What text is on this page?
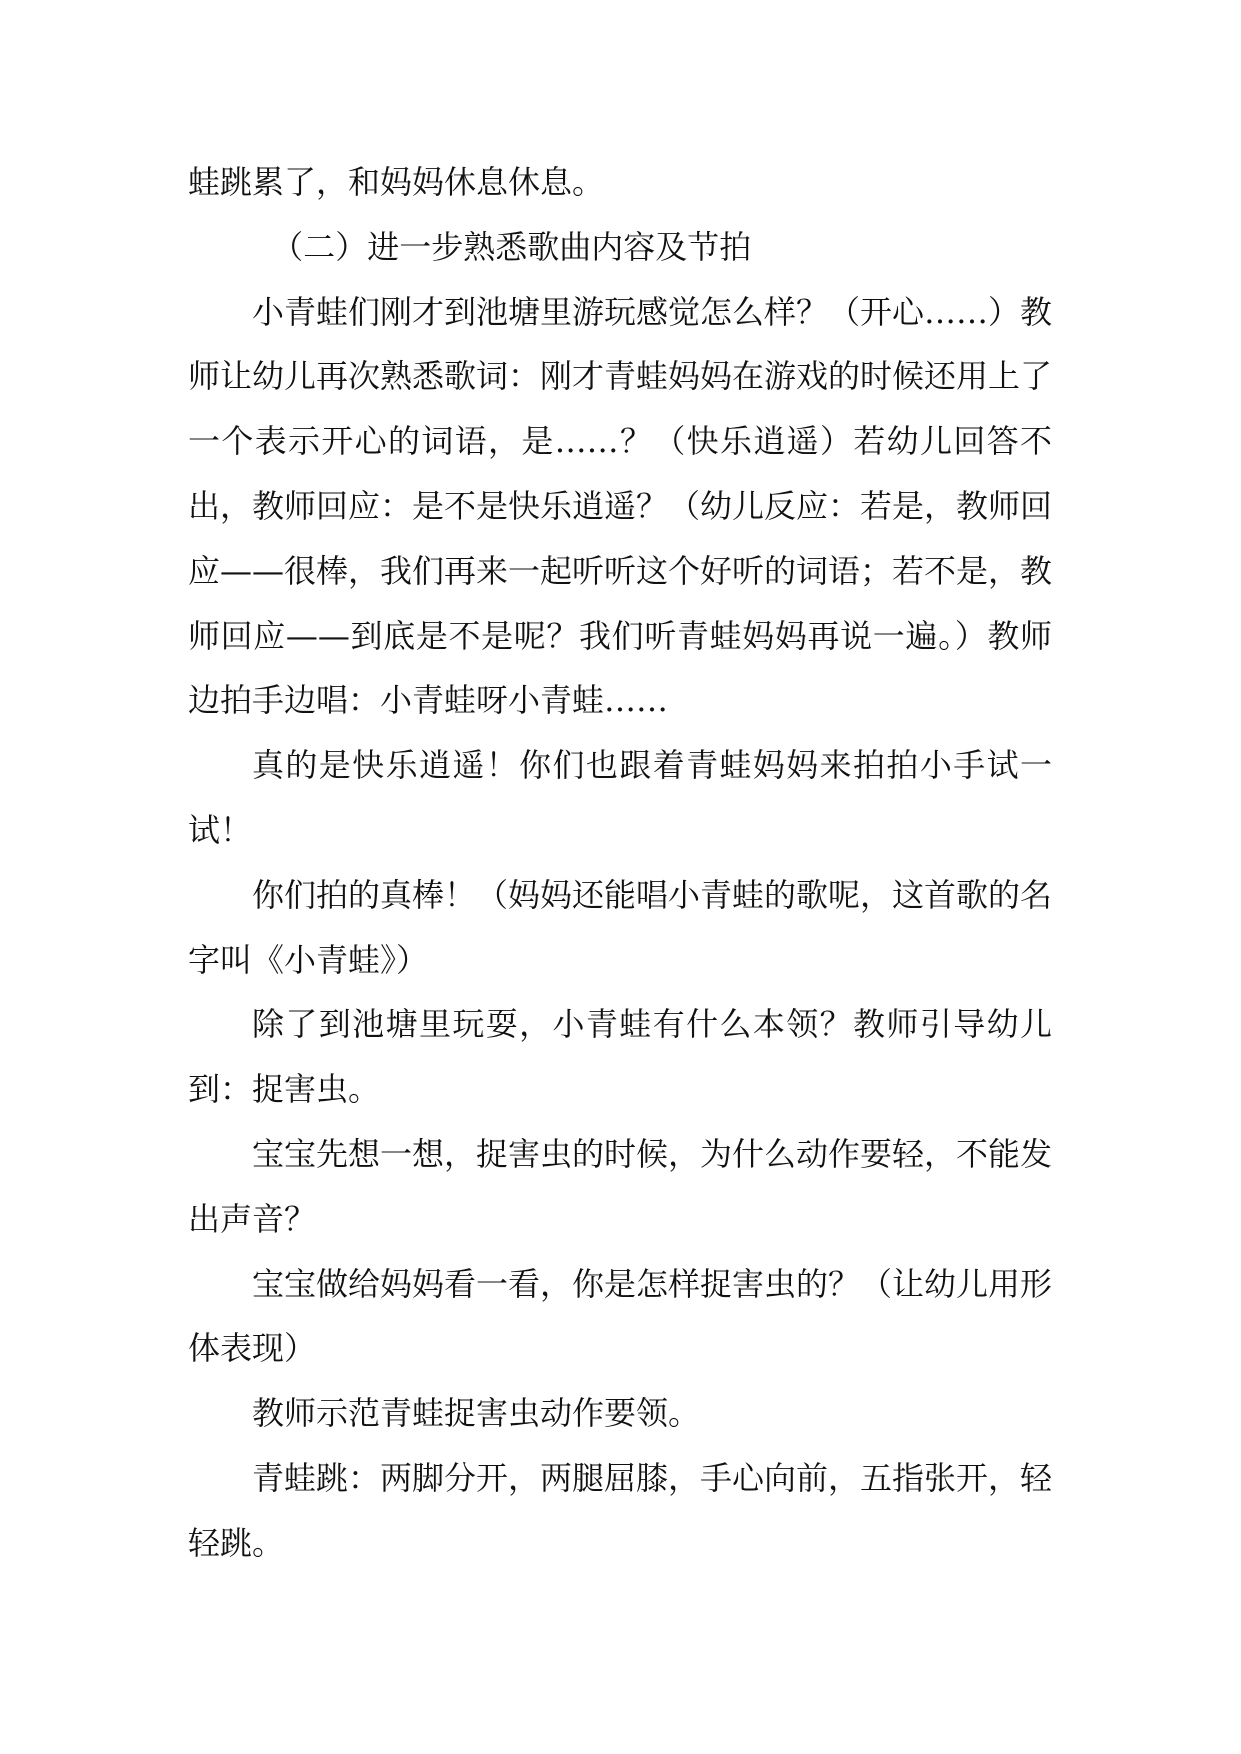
蛙跳累了，和妈妈休息休息。

（二）进一步熟悉歌曲内容及节拍

小青蛙们刚才到池塘里游玩感觉怎么样？（开心……）教师让幼儿再次熟悉歌词：刚才青蛙妈妈在游戏的时候还用上了一个表示开心的词语，是……？（快乐逍遥）若幼儿回答不出，教师回应：是不是快乐逍遥？（幼儿反应：若是，教师回应——很棒，我们再来一起听听这个好听的词语；若不是，教师回应——到底是不是呢？我们听青蛙妈妈再说一遍。）教师边拍手边唱：小青蛙呀小青蛙……

真的是快乐逍遥！你们也跟着青蛙妈妈来拍拍小手试一试！

你们拍的真棒！（妈妈还能唱小青蛙的歌呢，这首歌的名字叫《小青蛙》）

除了到池塘里玩耍，小青蛙有什么本领？教师引导幼儿到：捉害虫。

宝宝先想一想，捉害虫的时候，为什么动作要轻，不能发出声音？

宝宝做给妈妈看一看，你是怎样捉害虫的？（让幼儿用形体表现）

教师示范青蛙捉害虫动作要领。

青蛙跳：两脚分开，两腿屈膝，手心向前，五指张开，轻轻跳。
